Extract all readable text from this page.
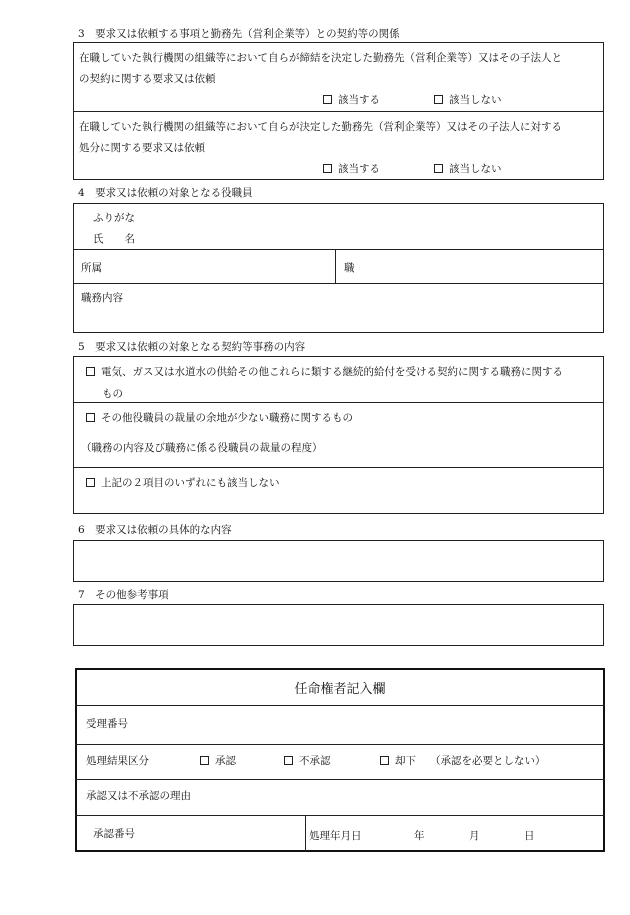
3　要求又は依頼する事項と勤務先（営利企業等）との契約等の関係
在職していた執行機関の組織等において自らが締結を決定した勤務先（営利企業等）又はその子法人と
の契約に関する要求又は依頼
該当する	該当しない
在職していた執行機関の組織等において自らが決定した勤務先（営利企業等）又はその子法人に対する
処分に関する要求又は依頼
該当する	該当しない
4　要求又は依頼の対象となる役職員
ふりがな
氏　　名
所属	職
職務内容
5　要求又は依頼の対象となる契約等事務の内容
電気、ガス又は水道水の供給その他これらに類する継続的給付を受ける契約に関する職務に関する
もの
その他役職員の裁量の余地が少ない職務に関するもの
（職務の内容及び職務に係る役職員の裁量の程度）
上記の２項目のいずれにも該当しない
6　要求又は依頼の具体的な内容
7　その他参考事項
任命権者記入欄
受理番号
処理結果区分	承認	不承認	却下 （承認を必要としない）
承認又は不承認の理由
承認番号	処理年月日	年	月	日
